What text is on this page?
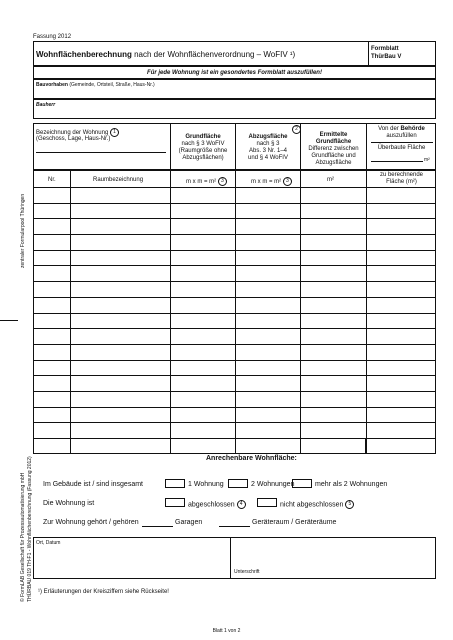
zentraler Formularpool Thüringen
© FormLAB Gesellschaft für Prozessautomatisierung mbH THÜRBAU 019 TH-F1 - Wohnflächenberechnung (Fassung 2012)
Fassung 2012
Wohnflächenberechnung nach der Wohnflächenverordnung – WoFIV ¹)
Formblatt
ThürBau V
Für jede Wohnung ist ein gesondertes Formblatt auszufüllen!
Bauvorhaben (Gemeinde, Ortsteil, Straße, Haus-Nr.)
Bauherr
Bezeichnung der Wohnung 1
(Geschoss, Lage, Haus-Nr.)	Grundfläche
nach § 3 WoFIV
(Raumgröße ohne
Abzugsflächen)
Abzugsfläche
nach § 3
Abs. 3 Nr. 1–4
und § 4 WoFIV
2
Ermittelte
Grundfläche
Differenz zwischen
Grundfläche und
Abzugsfläche
Von der Behörde
auszufüllen
Überbaute Fläche
m²
Nr.	Raumbezeichnung	m x m = m² 3	m x m = m² 3	m²
zu berechnende
Fläche (m²)
Anrechenbare Wohnfläche:
Im Gebäude ist / sind insgesamt	1 Wohnung	2 Wohnungen	mehr als 2 Wohnungen
Die Wohnung ist	abgeschlossen 4	nicht abgeschlossen 5
Zur Wohnung gehört / gehören	Garagen	Geräteraum / Geräteräume
Ort, Datum
Unterschrift
¹) Erläuterungen der Kreisziffern siehe Rückseite!
Blatt 1 von 2
